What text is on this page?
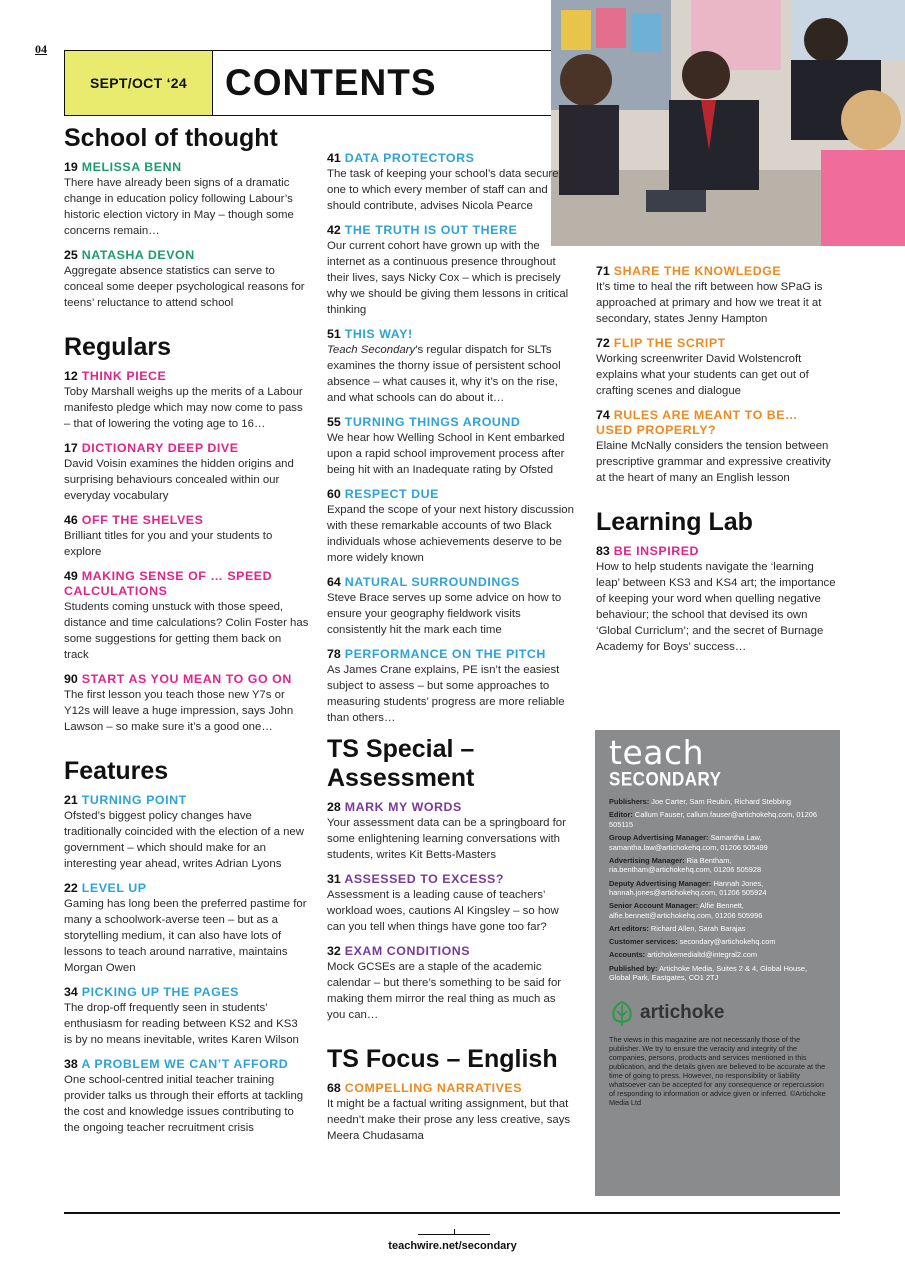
04
SEPT/OCT ‘24	CONTENTS
School of thought
19 MELISSA BENN
There have already been signs of a dramatic change in education policy following Labour’s historic election victory in May – though some concerns remain…
25 NATASHA DEVON
Aggregate absence statistics can serve to conceal some deeper psychological reasons for teens’ reluctance to attend school
Regulars
12 THINK PIECE
Toby Marshall weighs up the merits of a Labour manifesto pledge which may now come to pass – that of lowering the voting age to 16…
17 DICTIONARY DEEP DIVE
David Voisin examines the hidden origins and surprising behaviours concealed within our everyday vocabulary
46 OFF THE SHELVES
Brilliant titles for you and your students to explore
49 MAKING SENSE OF … SPEED CALCULATIONS
Students coming unstuck with those speed, distance and time calculations? Colin Foster has some suggestions for getting them back on track
90 START AS YOU MEAN TO GO ON
The first lesson you teach those new Y7s or Y12s will leave a huge impression, says John Lawson – so make sure it’s a good one…
Features
21 TURNING POINT
Ofsted’s biggest policy changes have traditionally coincided with the election of a new government – which should make for an interesting year ahead, writes Adrian Lyons
22 LEVEL UP
Gaming has long been the preferred pastime for many a schoolwork-averse teen – but as a storytelling medium, it can also have lots of lessons to teach around narrative, maintains Morgan Owen
34 PICKING UP THE PAGES
The drop-off frequently seen in students’ enthusiasm for reading between KS2 and KS3 is by no means inevitable, writes Karen Wilson
38 A PROBLEM WE CAN’T AFFORD
One school-centred initial teacher training provider talks us through their efforts at tackling the cost and knowledge issues contributing to the ongoing teacher recruitment crisis
41 DATA PROTECTORS
The task of keeping your school’s data secure is one to which every member of staff can and should contribute, advises Nicola Pearce
42 THE TRUTH IS OUT THERE
Our current cohort have grown up with the internet as a continuous presence throughout their lives, says Nicky Cox – which is precisely why we should be giving them lessons in critical thinking
51 THIS WAY!
Teach Secondary’s regular dispatch for SLTs examines the thorny issue of persistent school absence – what causes it, why it’s on the rise, and what schools can do about it…
55 TURNING THINGS AROUND
We hear how Welling School in Kent embarked upon a rapid school improvement process after being hit with an Inadequate rating by Ofsted
60 RESPECT DUE
Expand the scope of your next history discussion with these remarkable accounts of two Black individuals whose achievements deserve to be more widely known
64 NATURAL SURROUNDINGS
Steve Brace serves up some advice on how to ensure your geography fieldwork visits consistently hit the mark each time
78 PERFORMANCE ON THE PITCH
As James Crane explains, PE isn’t the easiest subject to assess – but some approaches to measuring students’ progress are more reliable than others…
TS Special –
Assessment
28 MARK MY WORDS
Your assessment data can be a springboard for some enlightening learning conversations with students, writes Kit Betts-Masters
31 ASSESSED TO EXCESS?
Assessment is a leading cause of teachers’ workload woes, cautions Al Kingsley – so how can you tell when things have gone too far?
32 EXAM CONDITIONS
Mock GCSEs are a staple of the academic calendar – but there’s something to be said for making them mirror the real thing as much as you can…
TS Focus – English
68 COMPELLING NARRATIVES
It might be a factual writing assignment, but that needn’t make their prose any less creative, says Meera Chudasama
71 SHARE THE KNOWLEDGE
It’s time to heal the rift between how SPaG is approached at primary and how we treat it at secondary, states Jenny Hampton
72 FLIP THE SCRIPT
Working screenwriter David Wolstencroft explains what your students can get out of crafting scenes and dialogue
74 RULES ARE MEANT TO BE… USED PROPERLY?
Elaine McNally considers the tension between prescriptive grammar and expressive creativity at the heart of many an English lesson
Learning Lab
83 BE INSPIRED
How to help students navigate the ‘learning leap’ between KS3 and KS4 art; the importance of keeping your word when quelling negative behaviour; the school that devised its own ‘Global Curriclum’; and the secret of Burnage Academy for Boys’ success…
teach
SECONDARY
Publishers: Joe Carter, Sam Reubin, Richard Stebbing
Editor: Callum Fauser, callum.fauser@artichokehq.com, 01206 505115
Group Advertising Manager: Samantha Law, samantha.law@artichokehq.com, 01206 505499
Advertising Manager: Ria Bentham, ria.bentham@artichokehq.com, 01206 505928
Deputy Advertising Manager: Hannah Jones, hannah.jones@artichokehq.com, 01206 505924
Senior Account Manager: Alfie Bennett, alfie.bennett@artichokehq.com, 01206 505996
Art editors: Richard Allen, Sarah Barajas
Customer services: secondary@artichokehq.com
Accounts: artichokemedialtd@integral2.com
Published by: Artichoke Media, Suites 2 & 4, Global House, Global Park, Eastgates, CO1 2TJ
artichoke
The views in this magazine are not necessarily those of the publisher. We try to ensure the veracity and integrity of the companies, persons, products and services mentioned in this publication, and the details given are believed to be accurate at the time of going to press. However, no responsibility or liability whatsoever can be accepted for any consequence or repercussion of responding to information or advice given or inferred. ©Artichoke Media Ltd
teachwire.net/secondary
